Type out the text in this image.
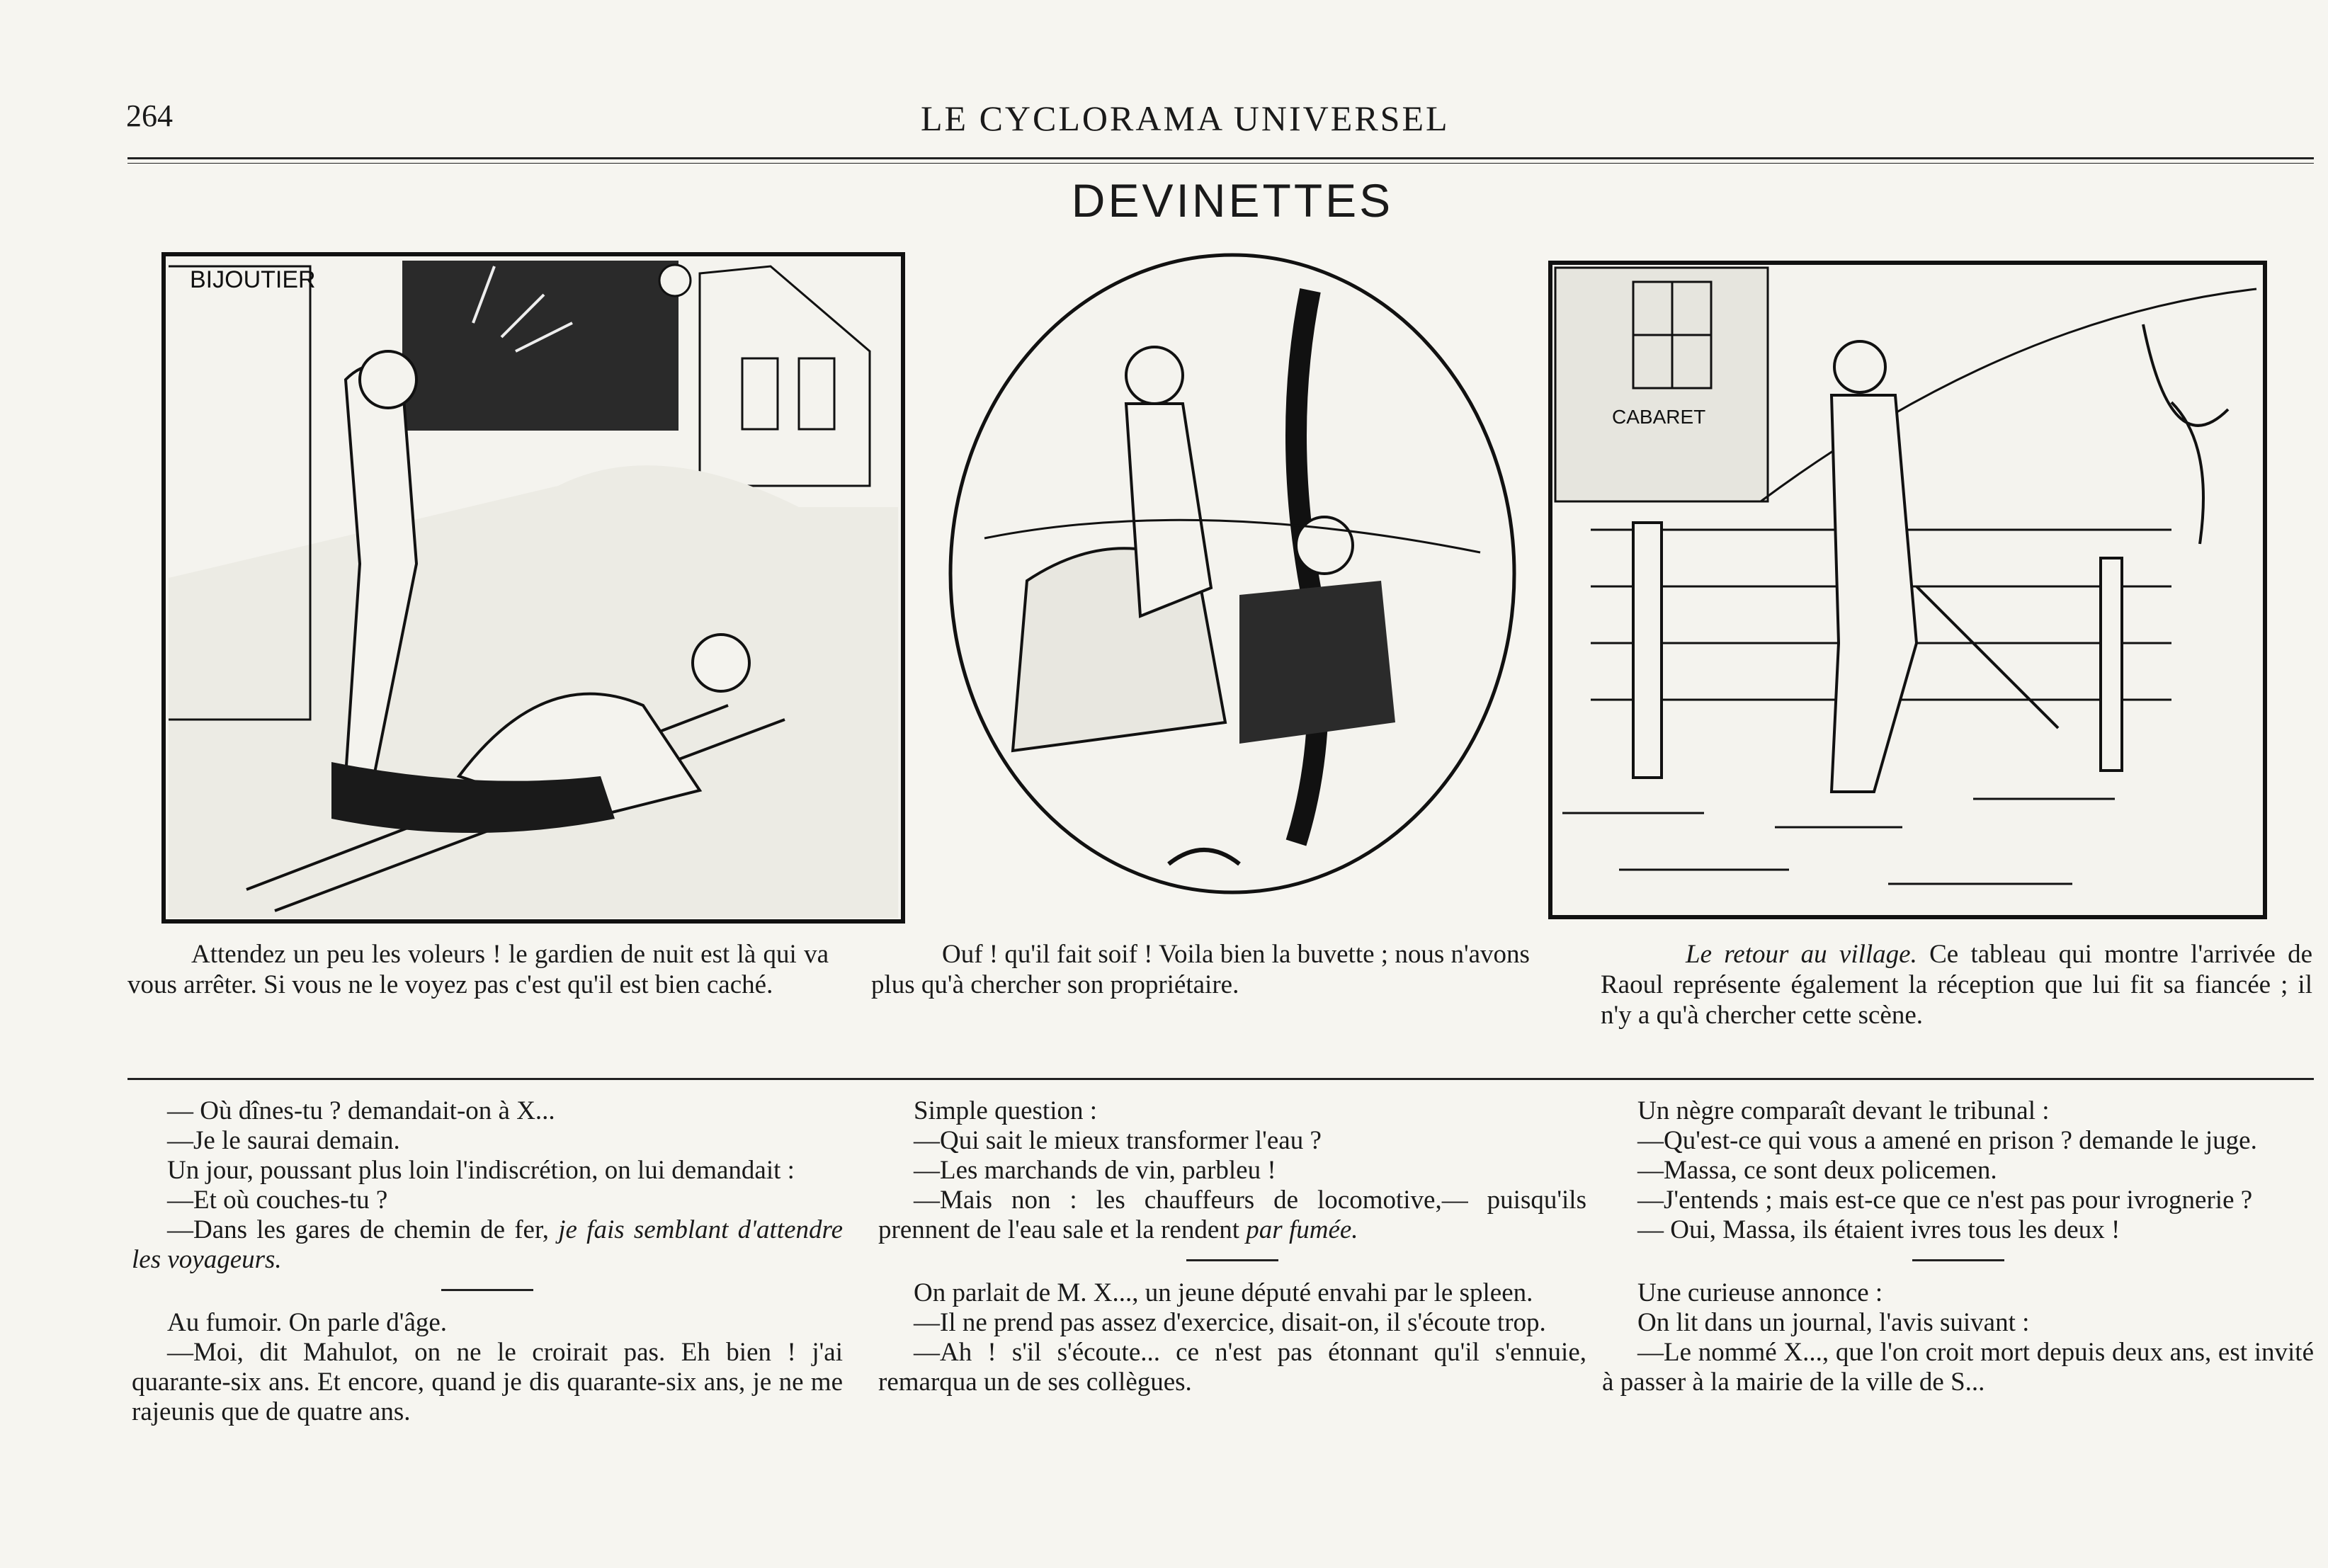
264	LE CYCLORAMA UNIVERSEL
DEVINETTES
BIJOUTIER
CABARET
Attendez un peu les voleurs ! le gardien de nuit est là qui va vous arrêter. Si vous ne le voyez pas c'est qu'il est bien caché.
Ouf ! qu'il fait soif ! Voila bien la buvette ; nous n'avons plus qu'à chercher son propriétaire.
Le retour au village. Ce tableau qui montre l'arrivée de Raoul représente également la réception que lui fit sa fiancée ; il n'y a qu'à chercher cette scène.

— Où dînes-tu ? demandait-on à X...

—Je le saurai demain.

Un jour, poussant plus loin l'indiscrétion, on lui demandait :

—Et où couches-tu ?

—Dans les gares de chemin de fer, je fais semblant d'attendre les voyageurs.

Au fumoir. On parle d'âge.

—Moi, dit Mahulot, on ne le croirait pas. Eh bien ! j'ai quarante-six ans. Et encore, quand je dis quarante-six ans, je ne me rajeunis que de quatre ans.

Simple question :

—Qui sait le mieux transformer l'eau ?

—Les marchands de vin, parbleu !

—Mais non : les chauffeurs de locomotive,— puisqu'ils prennent de l'eau sale et la rendent par fumée.

On parlait de M. X..., un jeune député envahi par le spleen.

—Il ne prend pas assez d'exercice, disait-on, il s'écoute trop.

—Ah ! s'il s'écoute... ce n'est pas étonnant qu'il s'ennuie, remarqua un de ses collègues.

Un nègre comparaît devant le tribunal :

—Qu'est-ce qui vous a amené en prison ? demande le juge.

—Massa, ce sont deux policemen.

—J'entends ; mais est-ce que ce n'est pas pour ivrognerie ?

— Oui, Massa, ils étaient ivres tous les deux !

Une curieuse annonce :

On lit dans un journal, l'avis suivant :

—Le nommé X..., que l'on croit mort depuis deux ans, est invité à passer à la mairie de la ville de S...
